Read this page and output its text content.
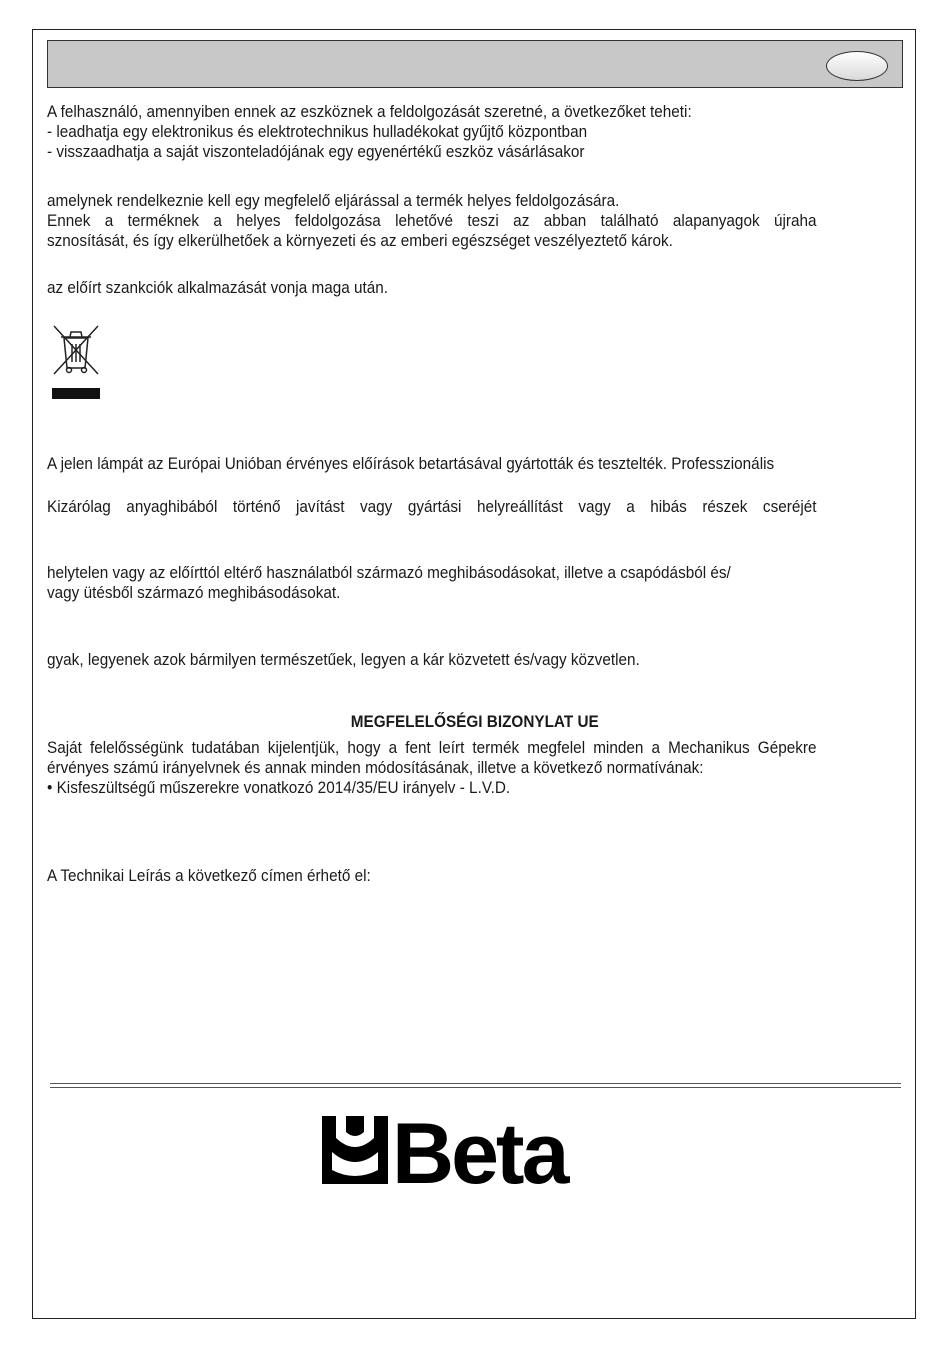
A felhasználó, amennyiben ennek az eszköznek a feldolgozását szeretné, a övetkezőket teheti:

- leadhatja egy elektronikus és elektrotechnikus hulladékokat gyűjtő központban

- visszaadhatja a saját viszonteladójának egy egyenértékű eszköz vásárlásakor

amelynek rendelkeznie kell egy megfelelő eljárással a termék helyes feldolgozására.

Ennek a terméknek a helyes feldolgozása lehetővé teszi az abban található alapanyagok újraha
sznosítását, és így elkerülhetőek a környezeti és az emberi egészséget veszélyeztető károk.
az előírt szankciók alkalmazását vonja maga után.
A jelen lámpát az Európai Unióban érvényes előírások betartásával gyártották és tesztelték. Professzionális
Kizárólag anyaghibából történő javítást vagy gyártási helyreállítást vagy a hibás részek cseréjét
helytelen vagy az előírttól eltérő használatból származó meghibásodásokat, illetve a csapódásból és/
vagy ütésből származó meghibásodásokat.
gyak, legyenek azok bármilyen természetűek, legyen a kár közvetett és/vagy közvetlen.
MEGFELELŐSÉGI BIZONYLAT UE
Saját felelősségünk tudatában kijelentjük, hogy a fent leírt termék megfelel minden a Mechanikus Gépekre
érvényes számú irányelvnek és annak minden módosításának, illetve a következő normatívának:
• Kisfeszültségű műszerekre vonatkozó 2014/35/EU irányelv - L.V.D.
A Technikai Leírás a következő címen érhető el:
Beta
